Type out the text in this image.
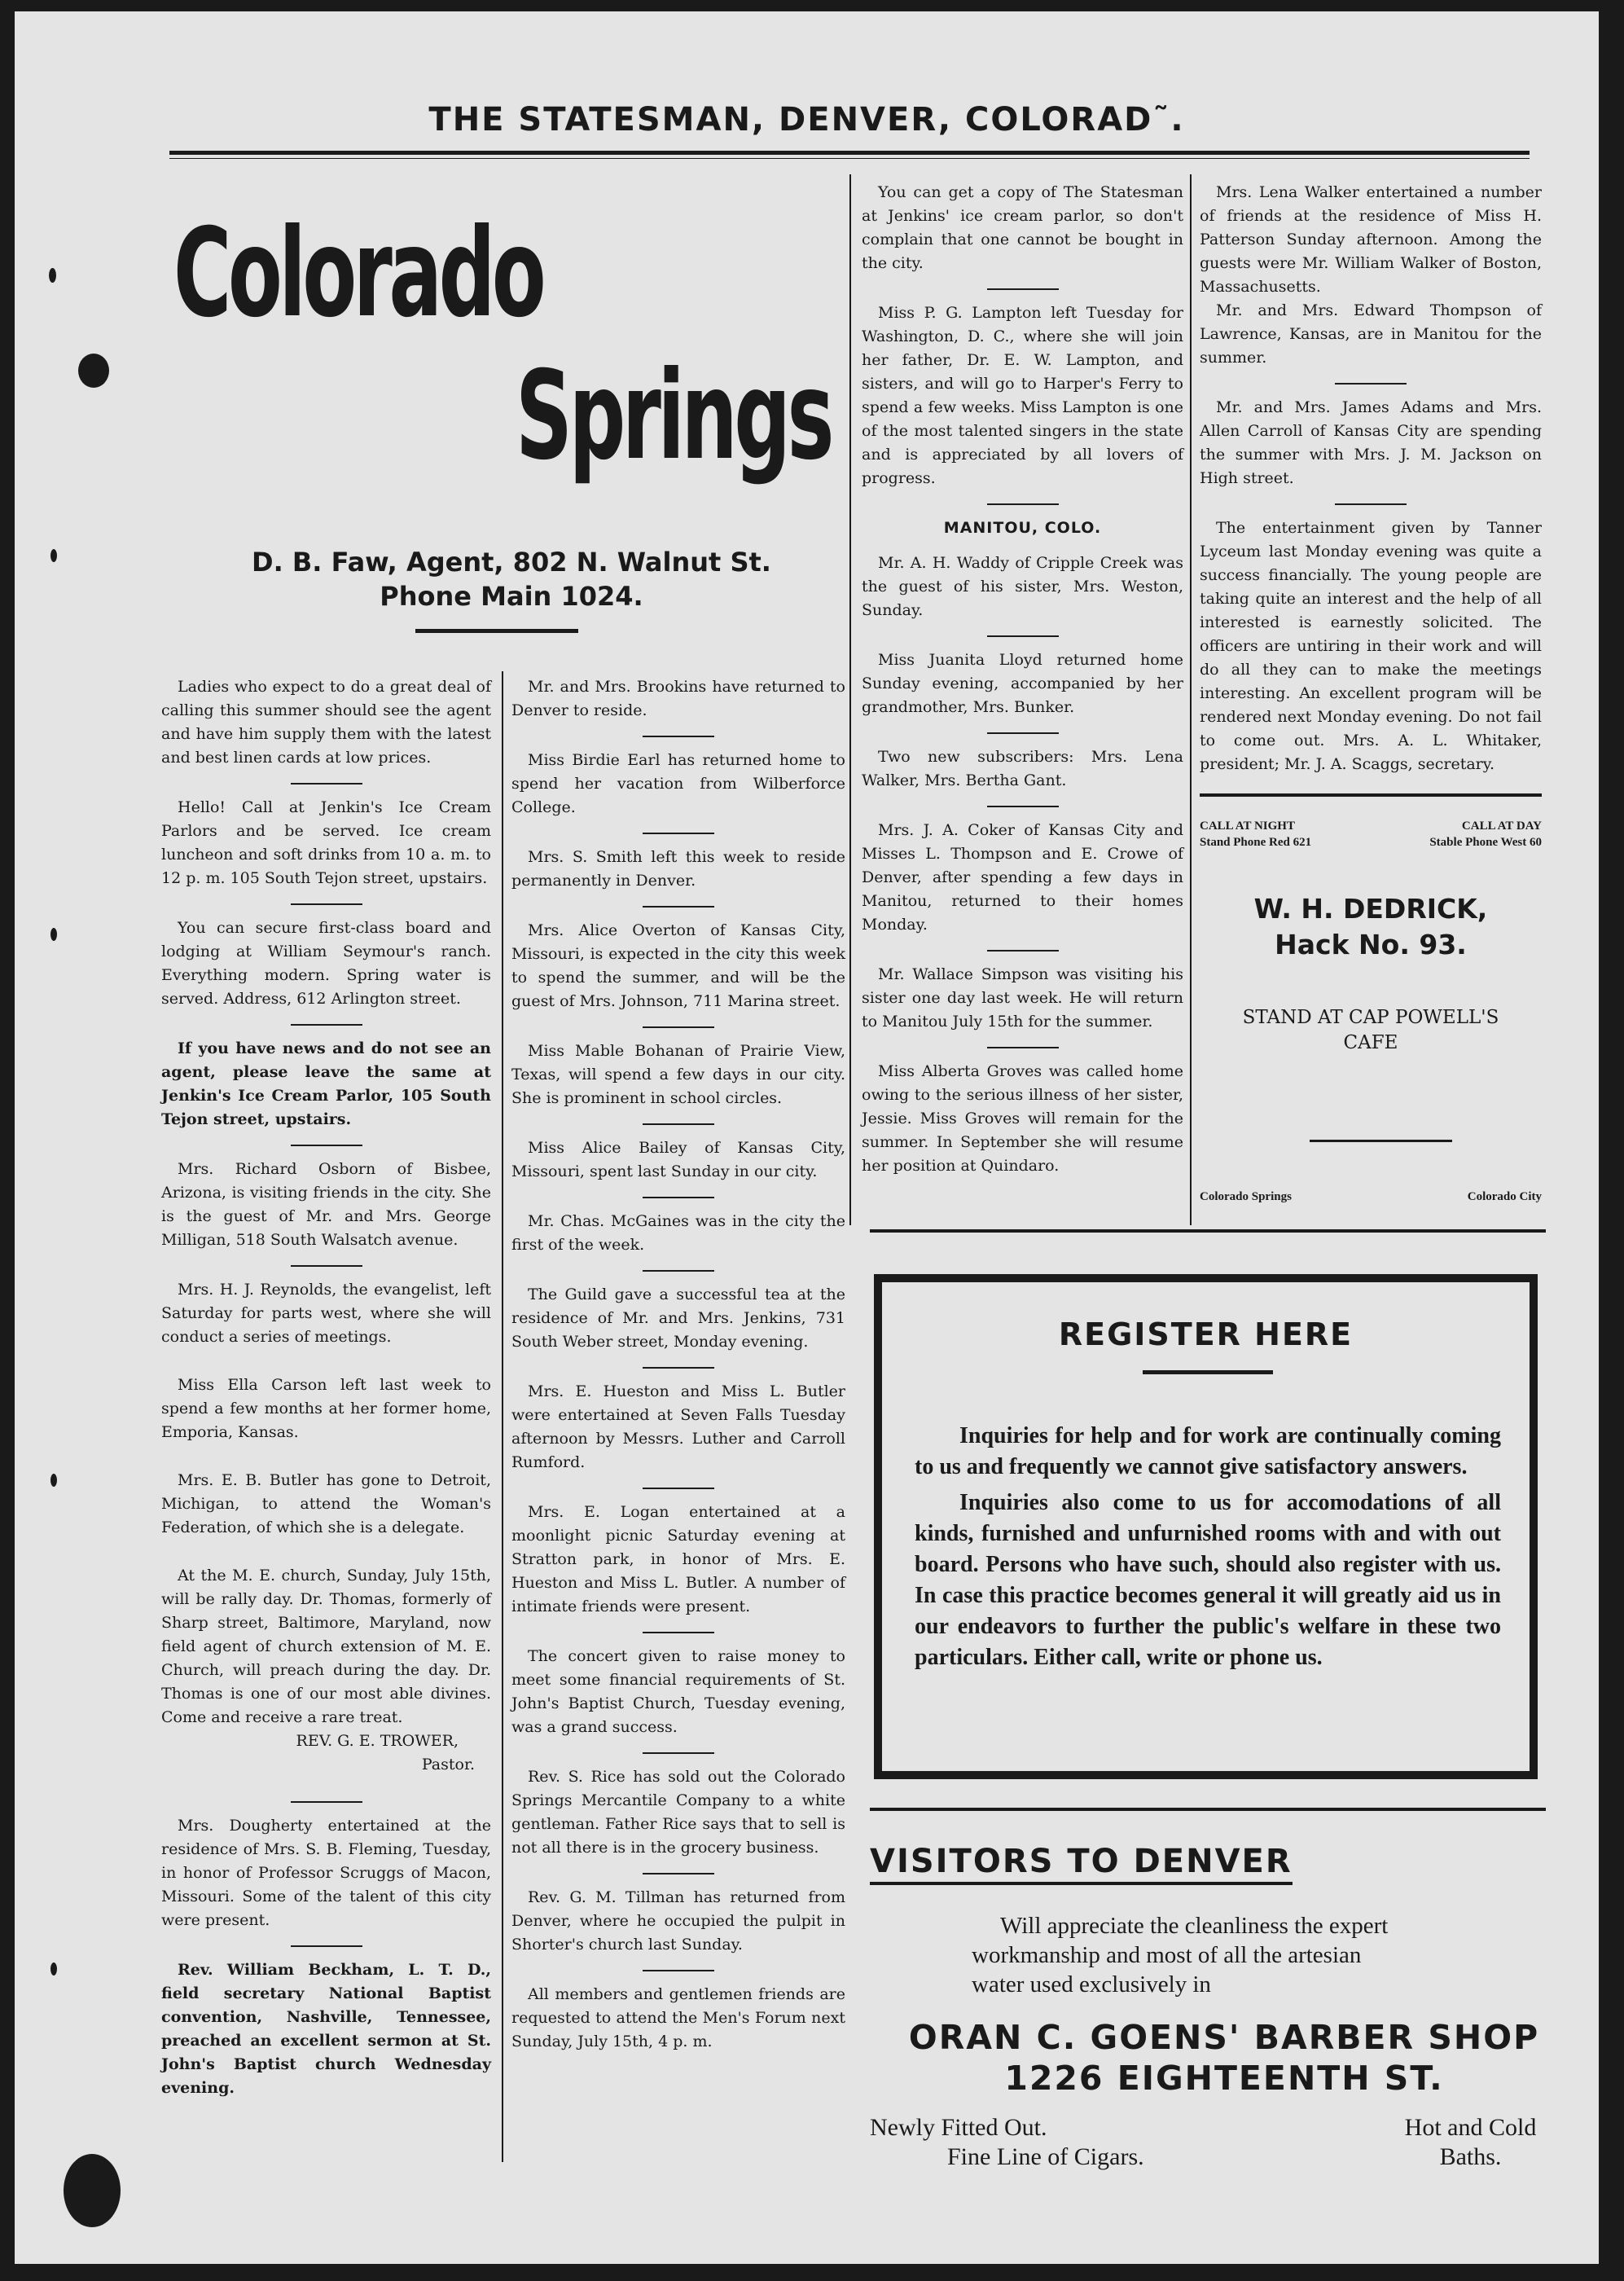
THE STATESMAN, DENVER, COLORAD˜.
Colorado
Springs
D. B. Faw, Agent, 802 N. Walnut St.
Phone Main 1024.

Ladies who expect to do a great deal of calling this summer should see the agent and have him supply them with the latest and best linen cards at low prices.

Hello! Call at Jenkin's Ice Cream Parlors and be served. Ice cream luncheon and soft drinks from 10 a. m. to 12 p. m. 105 South Tejon street, upstairs.

You can secure first-class board and lodging at William Seymour's ranch. Everything modern. Spring water is served. Address, 612 Arlington street.

If you have news and do not see an agent, please leave the same at Jenkin's Ice Cream Parlor, 105 South Tejon street, upstairs.

Mrs. Richard Osborn of Bisbee, Arizona, is visiting friends in the city. She is the guest of Mr. and Mrs. George Milligan, 518 South Walsatch avenue.

Mrs. H. J. Reynolds, the evangelist, left Saturday for parts west, where she will conduct a series of meetings.

Miss Ella Carson left last week to spend a few months at her former home, Emporia, Kansas.

Mrs. E. B. Butler has gone to Detroit, Michigan, to attend the Woman's Federation, of which she is a delegate.

At the M. E. church, Sunday, July 15th, will be rally day. Dr. Thomas, formerly of Sharp street, Baltimore, Maryland, now field agent of church extension of M. E. Church, will preach during the day. Dr. Thomas is one of our most able divines. Come and receive a rare treat.

REV. G. E. TROWER,
Pastor.

Mrs. Dougherty entertained at the residence of Mrs. S. B. Fleming, Tuesday, in honor of Professor Scruggs of Macon, Missouri. Some of the talent of this city were present.

Rev. William Beckham, L. T. D., field secretary National Baptist convention, Nashville, Tennessee, preached an excellent sermon at St. John's Baptist church Wednesday evening.

Mr. and Mrs. Brookins have returned to Denver to reside.

Miss Birdie Earl has returned home to spend her vacation from Wilberforce College.

Mrs. S. Smith left this week to reside permanently in Denver.

Mrs. Alice Overton of Kansas City, Missouri, is expected in the city this week to spend the summer, and will be the guest of Mrs. Johnson, 711 Marina street.

Miss Mable Bohanan of Prairie View, Texas, will spend a few days in our city. She is prominent in school circles.

Miss Alice Bailey of Kansas City, Missouri, spent last Sunday in our city.

Mr. Chas. McGaines was in the city the first of the week.

The Guild gave a successful tea at the residence of Mr. and Mrs. Jenkins, 731 South Weber street, Monday evening.

Mrs. E. Hueston and Miss L. Butler were entertained at Seven Falls Tuesday afternoon by Messrs. Luther and Carroll Rumford.

Mrs. E. Logan entertained at a moonlight picnic Saturday evening at Stratton park, in honor of Mrs. E. Hueston and Miss L. Butler. A number of intimate friends were present.

The concert given to raise money to meet some financial requirements of St. John's Baptist Church, Tuesday evening, was a grand success.

Rev. S. Rice has sold out the Colorado Springs Mercantile Company to a white gentleman. Father Rice says that to sell is not all there is in the grocery business.

Rev. G. M. Tillman has returned from Denver, where he occupied the pulpit in Shorter's church last Sunday.

All members and gentlemen friends are requested to attend the Men's Forum next Sunday, July 15th, 4 p. m.

You can get a copy of The Statesman at Jenkins' ice cream parlor, so don't complain that one cannot be bought in the city.

Miss P. G. Lampton left Tuesday for Washington, D. C., where she will join her father, Dr. E. W. Lampton, and sisters, and will go to Harper's Ferry to spend a few weeks. Miss Lampton is one of the most talented singers in the state and is appreciated by all lovers of progress.

MANITOU, COLO.

Mr. A. H. Waddy of Cripple Creek was the guest of his sister, Mrs. Weston, Sunday.

Miss Juanita Lloyd returned home Sunday evening, accompanied by her grandmother, Mrs. Bunker.

Two new subscribers: Mrs. Lena Walker, Mrs. Bertha Gant.

Mrs. J. A. Coker of Kansas City and Misses L. Thompson and E. Crowe of Denver, after spending a few days in Manitou, returned to their homes Monday.

Mr. Wallace Simpson was visiting his sister one day last week. He will return to Manitou July 15th for the summer.

Miss Alberta Groves was called home owing to the serious illness of her sister, Jessie. Miss Groves will remain for the summer. In September she will resume her position at Quindaro.

Mrs. Lena Walker entertained a number of friends at the residence of Miss H. Patterson Sunday afternoon. Among the guests were Mr. William Walker of Boston, Massachusetts.

Mr. and Mrs. Edward Thompson of Lawrence, Kansas, are in Manitou for the summer.

Mr. and Mrs. James Adams and Mrs. Allen Carroll of Kansas City are spending the summer with Mrs. J. M. Jackson on High street.

The entertainment given by Tanner Lyceum last Monday evening was quite a success financially. The young people are taking quite an interest and the help of all interested is earnestly solicited. The officers are untiring in their work and will do all they can to make the meetings interesting. An excellent program will be rendered next Monday evening. Do not fail to come out. Mrs. A. L. Whitaker, president; Mr. J. A. Scaggs, secretary.

CALL AT NIGHT
Stand Phone Red 621
CALL AT DAY
Stable Phone West 60
W. H. DEDRICK,
Hack No. 93.
STAND AT CAP POWELL'S
CAFE
Colorado Springs	Colorado City
REGISTER HERE

Inquiries for help and for work are continually coming to us and frequently we cannot give satisfactory answers.

Inquiries also come to us for accomodations of all kinds, furnished and unfurnished rooms with and with out board. Persons who have such, should also register with us. In case this practice becomes general it will greatly aid us in our endeavors to further the public's welfare in these two particulars. Either call, write or phone us.

VISITORS TO DENVER
Will appreciate the cleanliness the expert
workmanship and most of all the artesian
water used exclusively in
ORAN C. GOENS' BARBER SHOP
1226 EIGHTEENTH ST.
Newly Fitted Out.
Fine Line of Cigars.
Hot and Cold
Baths.
